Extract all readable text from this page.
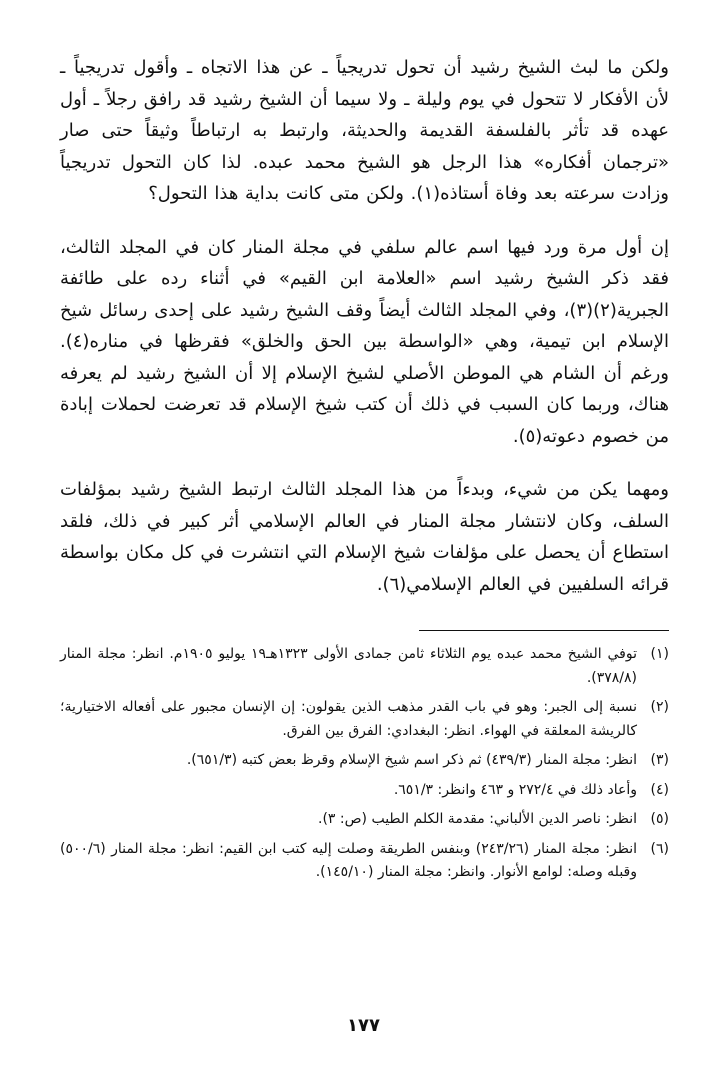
ولكن ما لبث الشيخ رشيد أن تحول تدريجياً ـ عن هذا الاتجاه ـ وأقول تدريجياً ـ لأن الأفكار لا تتحول في يوم وليلة ـ ولا سيما أن الشيخ رشيد قد رافق رجلاً ـ أول عهده قد تأثر بالفلسفة القديمة والحديثة، وارتبط به ارتباطاً وثيقاً حتى صار «ترجمان أفكاره» هذا الرجل هو الشيخ محمد عبده. لذا كان التحول تدريجياً وزادت سرعته بعد وفاة أستاذه(١). ولكن متى كانت بداية هذا التحول؟

إن أول مرة ورد فيها اسم عالم سلفي في مجلة المنار كان في المجلد الثالث، فقد ذكر الشيخ رشيد اسم «العلامة ابن القيم» في أثناء رده على طائفة الجبرية(٢)(٣)، وفي المجلد الثالث أيضاً وقف الشيخ رشيد على إحدى رسائل شيخ الإسلام ابن تيمية، وهي «الواسطة بين الحق والخلق» فقرظها في مناره(٤). ورغم أن الشام هي الموطن الأصلي لشيخ الإسلام إلا أن الشيخ رشيد لم يعرفه هناك، وربما كان السبب في ذلك أن كتب شيخ الإسلام قد تعرضت لحملات إبادة من خصوم دعوته(٥).

ومهما يكن من شيء، وبدءاً من هذا المجلد الثالث ارتبط الشيخ رشيد بمؤلفات السلف، وكان لانتشار مجلة المنار في العالم الإسلامي أثر كبير في ذلك، فلقد استطاع أن يحصل على مؤلفات شيخ الإسلام التي انتشرت في كل مكان بواسطة قرائه السلفيين في العالم الإسلامي(٦).

(١)
توفي الشيخ محمد عبده يوم الثلاثاء ثامن جمادى الأولى ١٣٢٣هـ١٩ يوليو ١٩٠٥م. انظر: مجلة المنار (٣٧٨/٨).
(٢)
نسبة إلى الجبر: وهو في باب القدر مذهب الذين يقولون: إن الإنسان مجبور على أفعاله الاختيارية؛ كالريشة المعلقة في الهواء. انظر: البغدادي: الفرق بين الفرق.
(٣)
انظر: مجلة المنار (٤٣٩/٣) ثم ذكر اسم شيخ الإسلام وقرظ بعض كتبه (٦٥١/٣).
(٤)
وأعاد ذلك في ٢٧٢/٤ و ٤٦٣ وانظر: ٦٥١/٣.
(٥)
انظر: ناصر الدين الألباني: مقدمة الكلم الطيب (ص: ٣).
(٦)
انظر: مجلة المنار (٢٤٣/٢٦) وبنفس الطريقة وصلت إليه كتب ابن القيم: انظر: مجلة المنار (٥٠٠/٦) وقبله وصله: لوامع الأنوار. وانظر: مجلة المنار (١٤٥/١٠).
١٧٧
